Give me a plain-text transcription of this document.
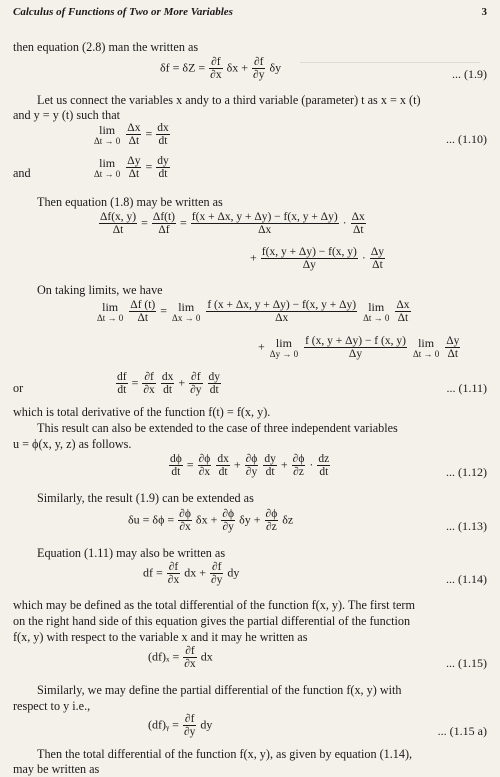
Calculus of Functions of Two or More Variables	3
then equation (2.8) man the written as
$\delta f = \delta Z = \frac{\partial f}{\partial x}$ $\delta x + \frac{\partial f}{\partial y}$ δy	... (1.9)
Let us connect the variables x andy to a third variable (parameter) t as x = x (t)
and y = y (t) such that
lim
Δt → 0
$\frac{\Delta x}{\Delta t} = \frac{dx}{dt}$	... (1.10)
and
lim
Δt → 0
$\frac{\Delta y}{\Delta t} = \frac{dy}{dt}$
Then equation (1.8) may be written as
$\frac{\Delta f(x, y)}{\Delta t} = \frac{\Delta f(t)}{\Delta f} = \frac{f(x + \Delta x, y + \Delta y) - f(x, y + \Delta y)}{\Delta x} \cdot \frac{\Delta x}{\Delta t}$
+ $\frac{f(x, y + \Delta y) - f(x, y)}{\Delta y} \cdot \frac{\Delta y}{\Delta t}$
On taking limits, we have
lim
Δt → 0
$\frac{\Delta f (t)}{\Delta t} = \lim$
Δx → 0
$\frac{f (x + \Delta x, y + \Delta y) - f(x, y + \Delta y)}{\Delta x}$
lim
Δt → 0
$\frac{\Delta x}{\Delta t}$
+ lim
Δy → 0
$\frac{f (x, y + \Delta y) - f (x, y)}{\Delta y}$
lim
Δt → 0
$\frac{\Delta y}{\Delta t}$
or	$\frac{df}{dt} = \frac{\partial f}{\partial x}$
$\frac{dx}{dt} + \frac{\partial f}{\partial y}$
$\frac{dy}{dt}$	... (1.11)
which is total derivative of the function f(t) = f(x, y).
This result can also be extended to the case of three independent variables
u = ϕ(x, y, z) as follows.
$\frac{d\phi}{dt} = \frac{\partial\phi}{\partial x}$
$\frac{dx}{dt} + \frac{\partial\phi}{\partial y}$
$\frac{dy}{dt} + \frac{\partial\phi}{\partial z} \cdot \frac{dz}{dt}$	... (1.12)
Similarly, the result (1.9) can be extended as
$\delta u = \delta\phi = \frac{\partial\phi}{\partial x}$ $\delta x + \frac{\partial\phi}{\partial y}$ $\delta y + \frac{\partial\phi}{\partial z}$ δz	... (1.13)
Equation (1.11) may also be written as
df = $\frac{\partial f}{\partial x}$ dx + $\frac{\partial f}{\partial y}$ dy	... (1.14)
which may be defined as the total differential of the function f(x, y). The first term
on the right hand side of this equation gives the partial differential of the function
f(x, y) with respect to the variable x and it may he written as
$(df)_x = \frac{\partial f}{\partial x}$ dx	... (1.15)
Similarly, we may define the partial differential of the function f(x, y) with
respect to y i.e.,
(df)ᵧ = $\frac{\partial f}{\partial y}$ dy	... (1.15 a)
Then the total differential of the function f(x, y), as given by equation (1.14),
may be written as
